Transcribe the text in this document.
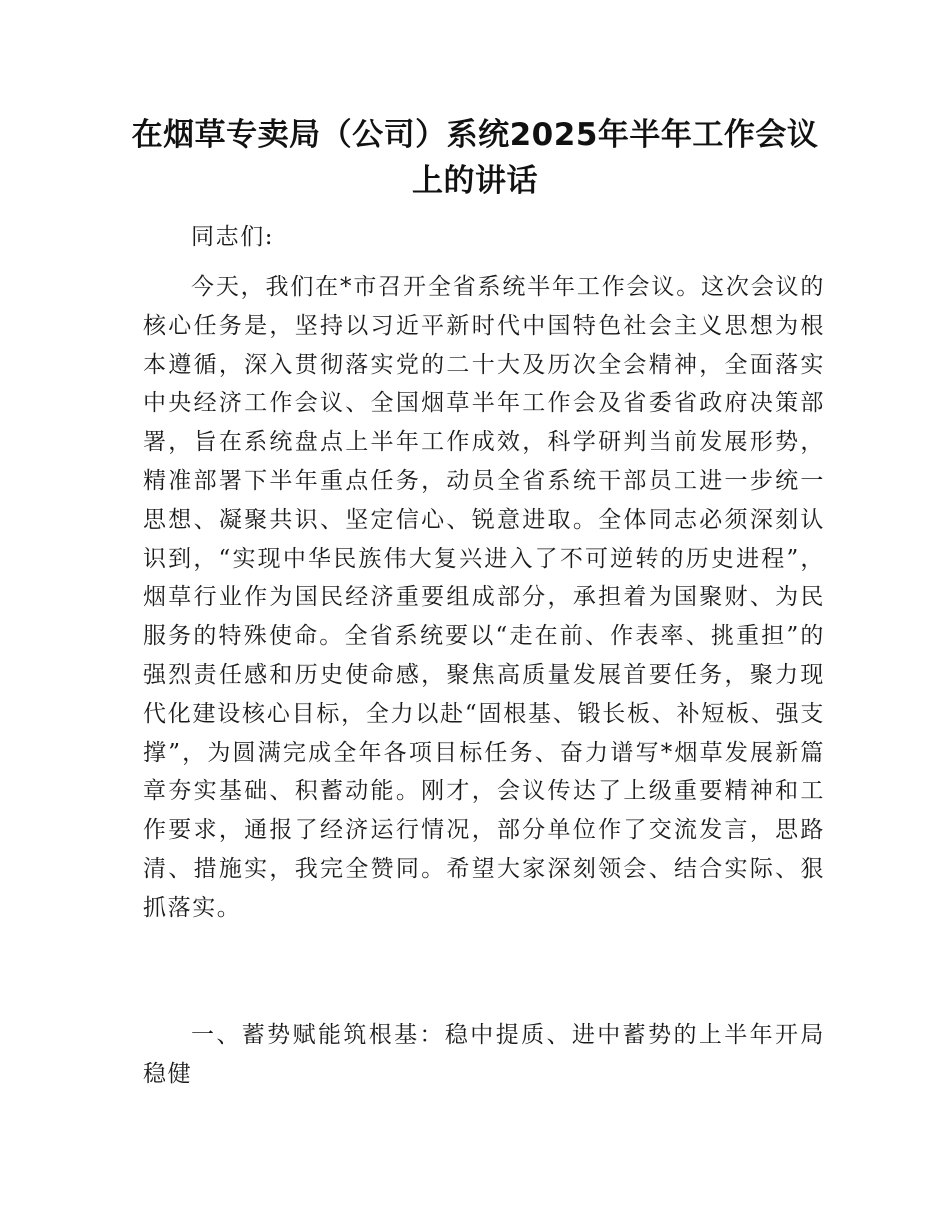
在烟草专卖局（公司）系统2025年半年工作会议上的讲话

同志们:

今天，我们在*市召开全省系统半年工作会议。这次会议的核心任务是，坚持以习近平新时代中国特色社会主义思想为根本遵循，深入贯彻落实党的二十大及历次全会精神，全面落实中央经济工作会议、全国烟草半年工作会及省委省政府决策部署，旨在系统盘点上半年工作成效，科学研判当前发展形势，精准部署下半年重点任务，动员全省系统干部员工进一步统一思想、凝聚共识、坚定信心、锐意进取。全体同志必须深刻认识到，“实现中华民族伟大复兴进入了不可逆转的历史进程”，烟草行业作为国民经济重要组成部分，承担着为国聚财、为民服务的特殊使命。全省系统要以“走在前、作表率、挑重担”的强烈责任感和历史使命感，聚焦高质量发展首要任务，聚力现代化建设核心目标，全力以赴“固根基、锻长板、补短板、强支撑”，为圆满完成全年各项目标任务、奋力谱写*烟草发展新篇章夯实基础、积蓄动能。刚才，会议传达了上级重要精神和工作要求，通报了经济运行情况，部分单位作了交流发言，思路清、措施实，我完全赞同。希望大家深刻领会、结合实际、狠抓落实。

一、蓄势赋能筑根基：稳中提质、进中蓄势的上半年开局稳健
